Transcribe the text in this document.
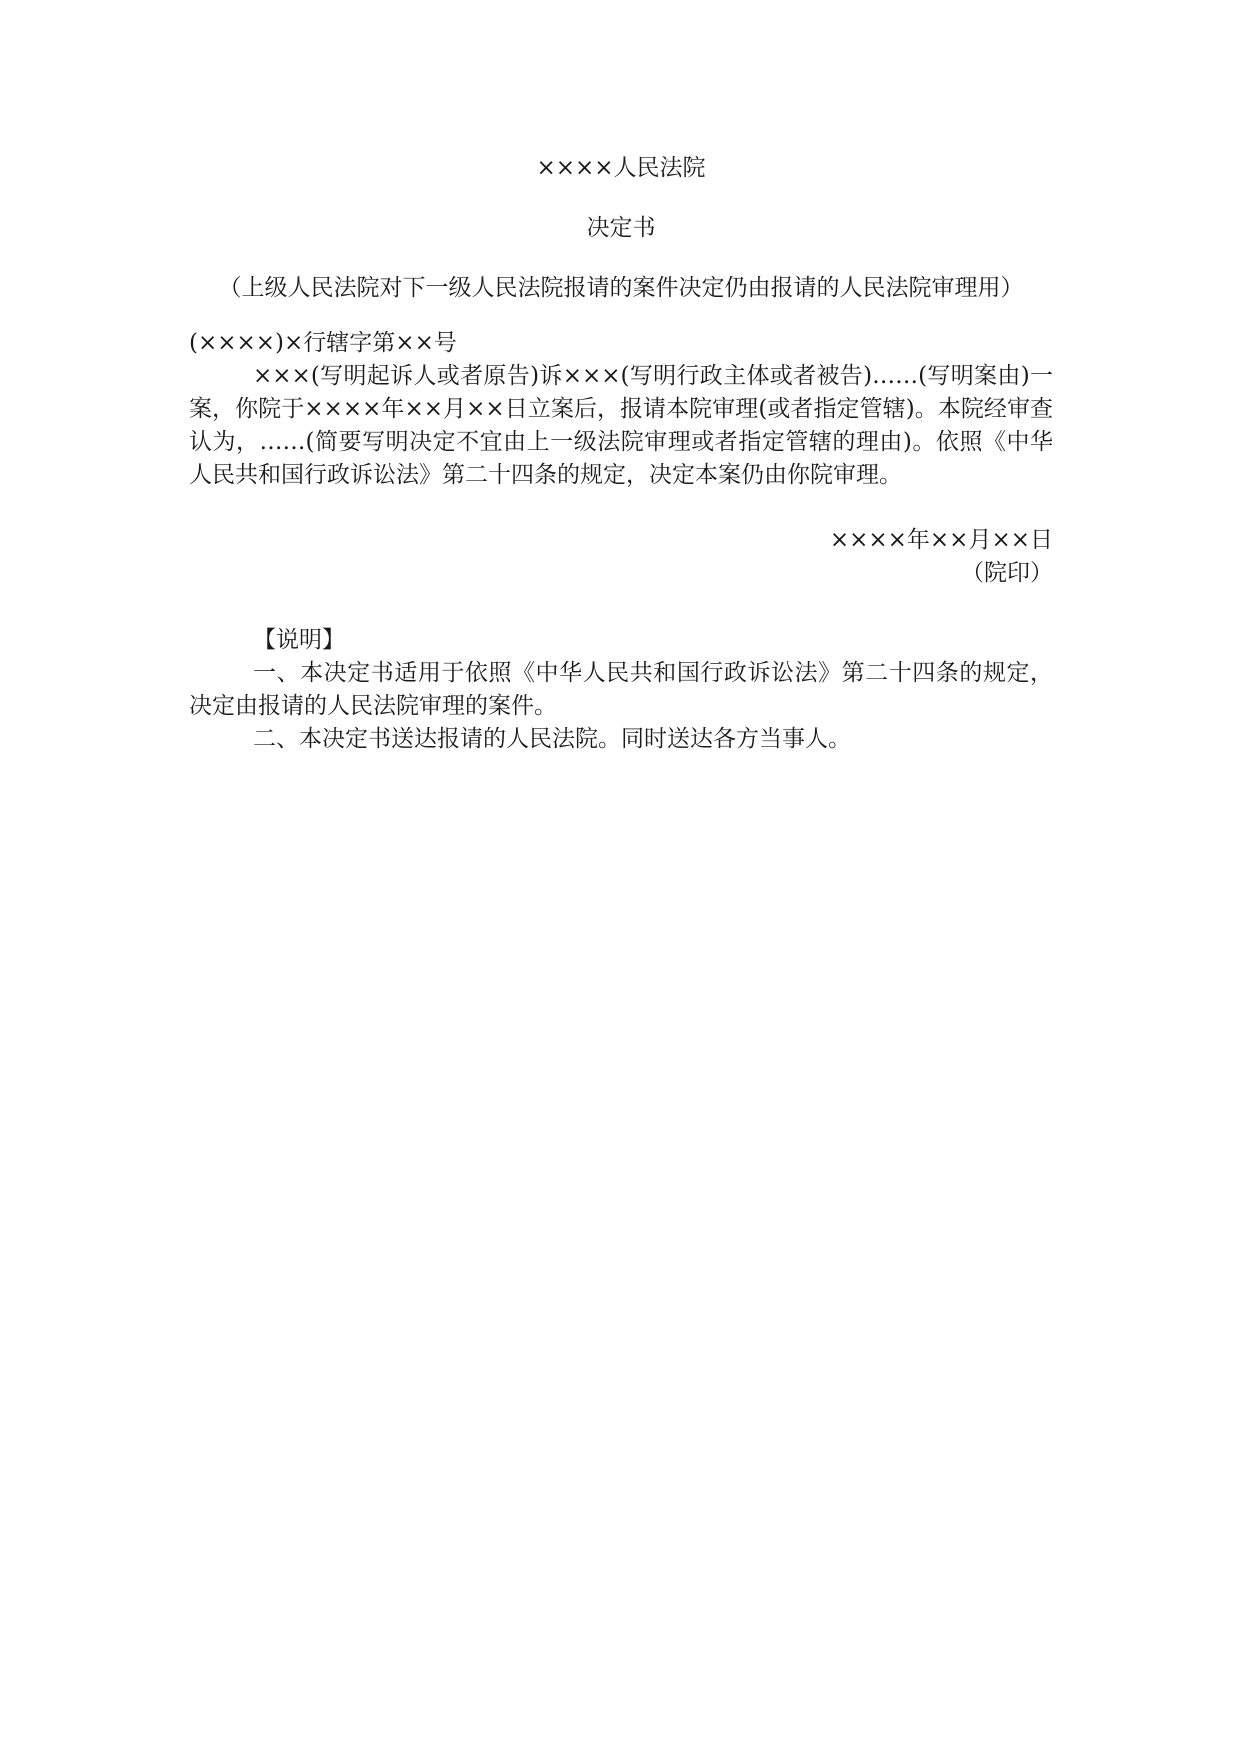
××××人民法院
决定书
（上级人民法院对下一级人民法院报请的案件决定仍由报请的人民法院审理用）
(××××)×行辖字第××号

×××(写明起诉人或者原告)诉×××(写明行政主体或者被告)……(写明案由)一案，你院于××××年××月××日立案后，报请本院审理(或者指定管辖)。本院经审查认为，……(简要写明决定不宜由上一级法院审理或者指定管辖的理由)。依照《中华人民共和国行政诉讼法》第二十四条的规定，决定本案仍由你院审理。

××××年××月××日
（院印）
【说明】

一、本决定书适用于依照《中华人民共和国行政诉讼法》第二十四条的规定，决定由报请的人民法院审理的案件。

二、本决定书送达报请的人民法院。同时送达各方当事人。
